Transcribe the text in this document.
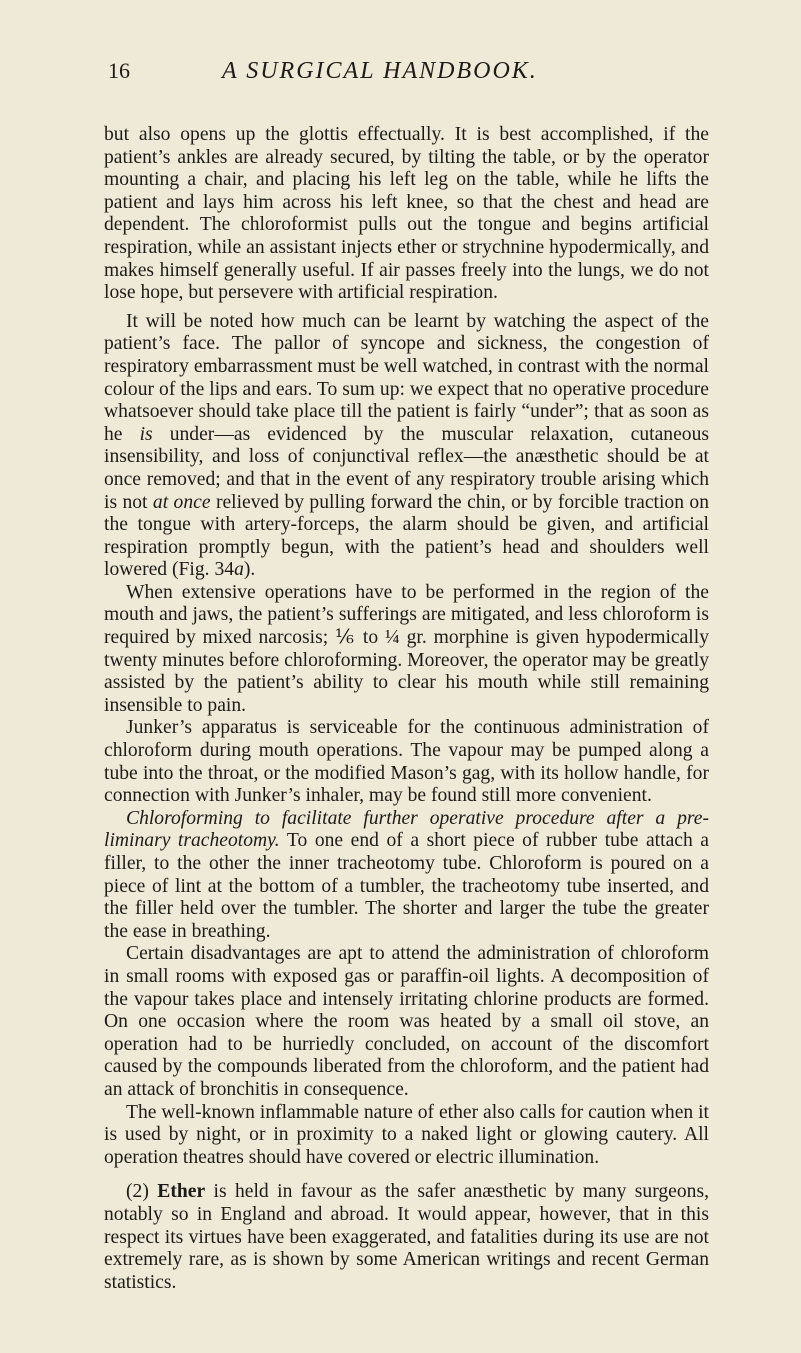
16	A SURGICAL HANDBOOK.

but also opens up the glottis effectually. It is best accomplished, if the patient’s ankles are already secured, by tilting the table, or by the operator mounting a chair, and placing his left leg on the table, while he lifts the patient and lays him across his left knee, so that the chest and head are dependent. The chloroformist pulls out the tongue and begins artificial respiration, while an assistant injects ether or strychnine hypodermically, and makes himself generally useful. If air passes freely into the lungs, we do not lose hope, but persevere with artificial respiration.

It will be noted how much can be learnt by watching the aspect of the patient’s face. The pallor of syncope and sickness, the congestion of respiratory embarrassment must be well watched, in contrast with the normal colour of the lips and ears. To sum up: we expect that no operative procedure whatsoever should take place till the patient is fairly “under”; that as soon as he is under—as evidenced by the muscular relaxation, cutaneous insensibility, and loss of conjunctival reflex—the anæsthetic should be at once removed; and that in the event of any respiratory trouble arising which is not at once relieved by pulling forward the chin, or by forcible traction on the tongue with artery-forceps, the alarm should be given, and artificial respiration promptly begun, with the patient’s head and shoulders well lowered (Fig. 34a).

When extensive operations have to be performed in the region of the mouth and jaws, the patient’s sufferings are mitigated, and less chloroform is required by mixed narcosis; ⅙ to ¼ gr. morphine is given hypodermically twenty minutes before chloroforming. Moreover, the operator may be greatly assisted by the patient’s ability to clear his mouth while still remaining insensible to pain.

Junker’s apparatus is serviceable for the continuous administration of chloroform during mouth operations. The vapour may be pumped along a tube into the throat, or the modified Mason’s gag, with its hollow handle, for connection with Junker’s inhaler, may be found still more convenient.

Chloroforming to facilitate further operative procedure after a preliminary tracheotomy. To one end of a short piece of rubber tube attach a filler, to the other the inner tracheotomy tube. Chloroform is poured on a piece of lint at the bottom of a tumbler, the tracheotomy tube inserted, and the filler held over the tumbler. The shorter and larger the tube the greater the ease in breathing.

Certain disadvantages are apt to attend the administration of chloroform in small rooms with exposed gas or paraffin-oil lights. A decomposition of the vapour takes place and intensely irritating chlorine products are formed. On one occasion where the room was heated by a small oil stove, an operation had to be hurriedly concluded, on account of the discomfort caused by the compounds liberated from the chloroform, and the patient had an attack of bronchitis in consequence.

The well-known inflammable nature of ether also calls for caution when it is used by night, or in proximity to a naked light or glowing cautery. All operation theatres should have covered or electric illumination.

(2) Ether is held in favour as the safer anæsthetic by many surgeons, notably so in England and abroad. It would appear, however, that in this respect its virtues have been exaggerated, and fatalities during its use are not extremely rare, as is shown by some American writings and recent German statistics.
